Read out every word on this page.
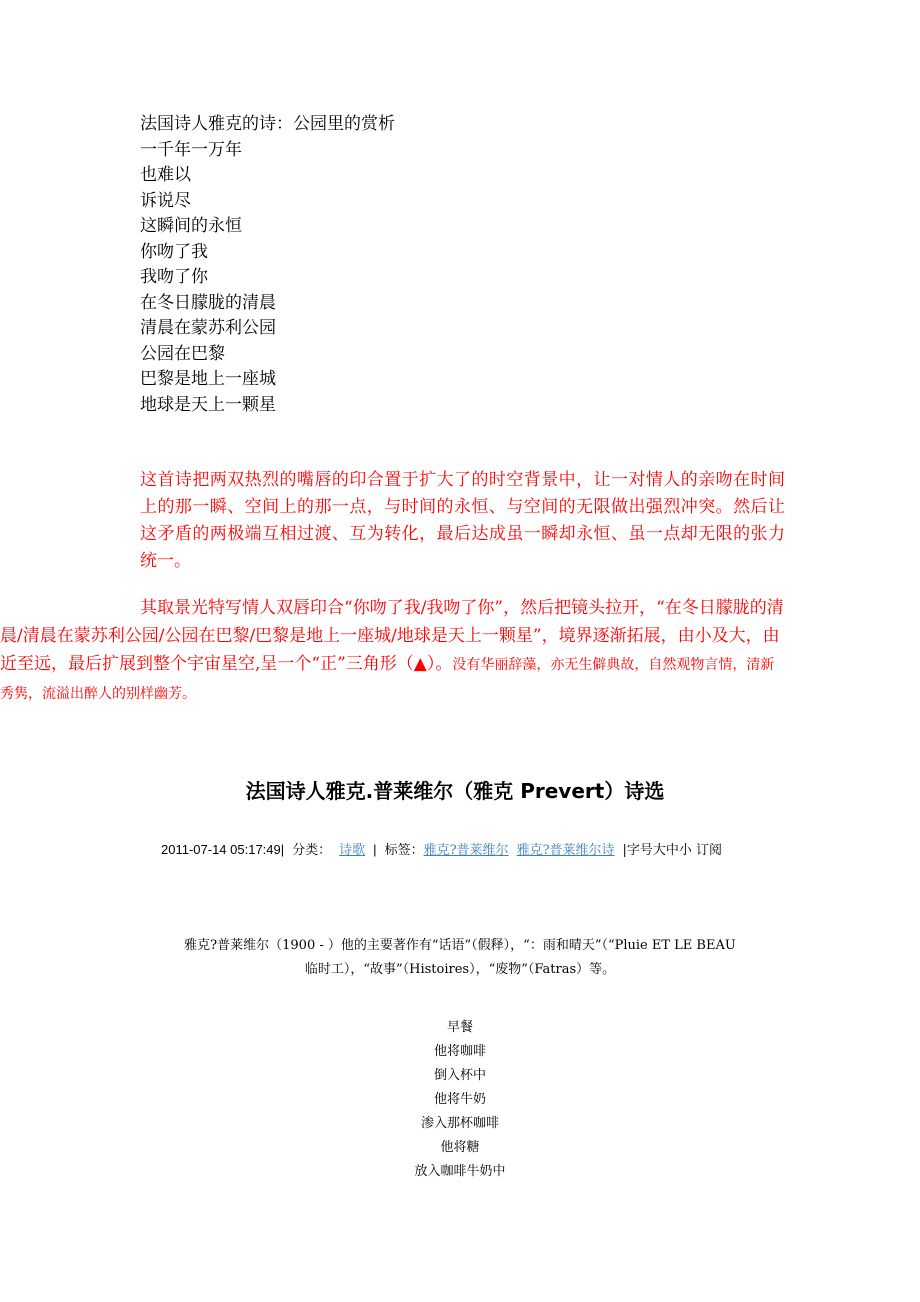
法国诗人雅克的诗：公园里的赏析
一千年一万年
也难以
诉说尽
这瞬间的永恒
你吻了我
我吻了你
在冬日朦胧的清晨
清晨在蒙苏利公园
公园在巴黎
巴黎是地上一座城
地球是天上一颗星

这首诗把两双热烈的嘴唇的印合置于扩大了的时空背景中，让一对情人的亲吻在时间上的那一瞬、空间上的那一点，与时间的永恒、与空间的无限做出强烈冲突。然后让这矛盾的两极端互相过渡、互为转化，最后达成虽一瞬却永恒、虽一点却无限的张力统一。

其取景光特写情人双唇印合“你吻了我/我吻了你”，然后把镜头拉开，“在冬日朦胧的清晨/清晨在蒙苏利公园/公园在巴黎/巴黎是地上一座城/地球是天上一颗星”，境界逐渐拓展，由小及大，由近至远，最后扩展到整个宇宙星空,呈一个“正”三角形（▲）。没有华丽辞藻，亦无生僻典故，自然观物言情，清新秀隽，流溢出醉人的别样幽芳。

法国诗人雅克.普莱维尔（雅克 Prevert）诗选
2011-07-14 05:17:49| 分类： 诗歌 | 标签：雅克?普莱维尔 雅克?普莱维尔诗 |字号大中小 订阅
雅克?普莱维尔（1900 - ）他的主要著作有“话语”（假释），“：雨和晴天”（“Pluie ET LE BEAU
临时工），“故事”（Histoires），“废物”（Fatras）等。
早餐
他将咖啡
倒入杯中
他将牛奶
渗入那杯咖啡
他将糖
放入咖啡牛奶中
